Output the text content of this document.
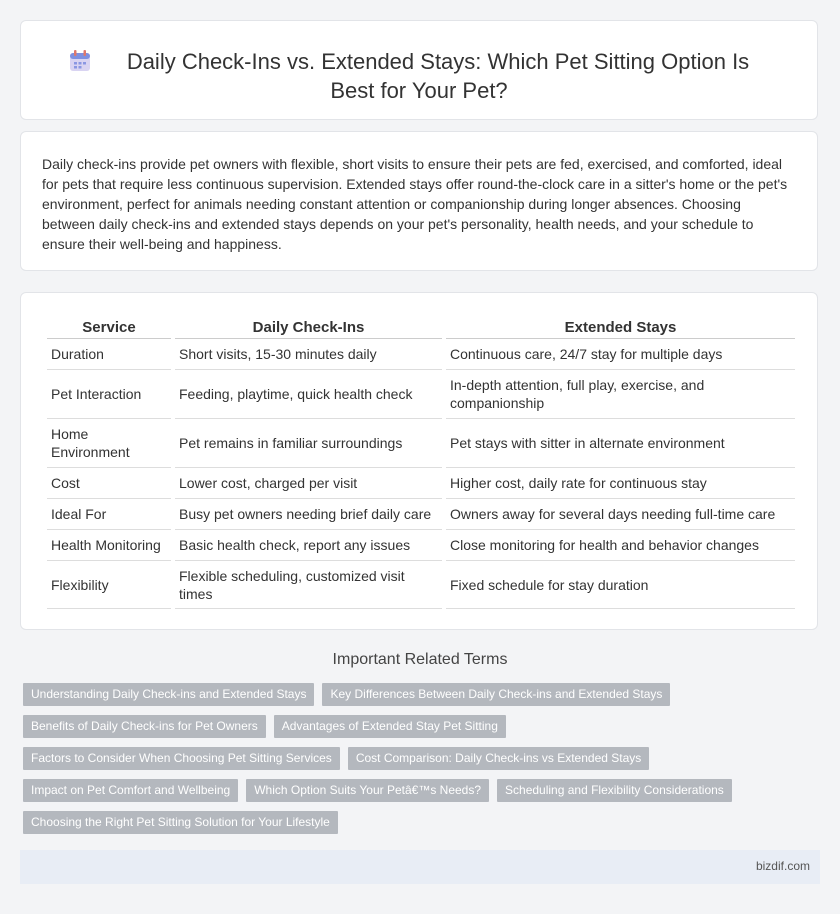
Daily Check-Ins vs. Extended Stays: Which Pet Sitting Option Is
Best for Your Pet?

Daily check-ins provide pet owners with flexible, short visits to ensure their pets are fed, exercised, and comforted, ideal for pets that require less continuous supervision. Extended stays offer round-the-clock care in a sitter's home or the pet's environment, perfect for animals needing constant attention or companionship during longer absences. Choosing between daily check-ins and extended stays depends on your pet's personality, health needs, and your schedule to ensure their well-being and happiness.

Service	Daily Check-Ins	Extended Stays
Duration	Short visits, 15-30 minutes daily	Continuous care, 24/7 stay for multiple days
Pet Interaction	Feeding, playtime, quick health check	In-depth attention, full play, exercise, and companionship
Home Environment	Pet remains in familiar surroundings	Pet stays with sitter in alternate environment
Cost	Lower cost, charged per visit	Higher cost, daily rate for continuous stay
Ideal For	Busy pet owners needing brief daily care	Owners away for several days needing full-time care
Health Monitoring	Basic health check, report any issues	Close monitoring for health and behavior changes
Flexibility	Flexible scheduling, customized visit times	Fixed schedule for stay duration
Important Related Terms
Understanding Daily Check-ins and Extended Stays	Key Differences Between Daily Check-ins and Extended Stays
Benefits of Daily Check-ins for Pet Owners	Advantages of Extended Stay Pet Sitting
Factors to Consider When Choosing Pet Sitting Services	Cost Comparison: Daily Check-ins vs Extended Stays
Impact on Pet Comfort and Wellbeing	Which Option Suits Your Petâ€™s Needs?	Scheduling and Flexibility Considerations
Choosing the Right Pet Sitting Solution for Your Lifestyle
bizdif.com
